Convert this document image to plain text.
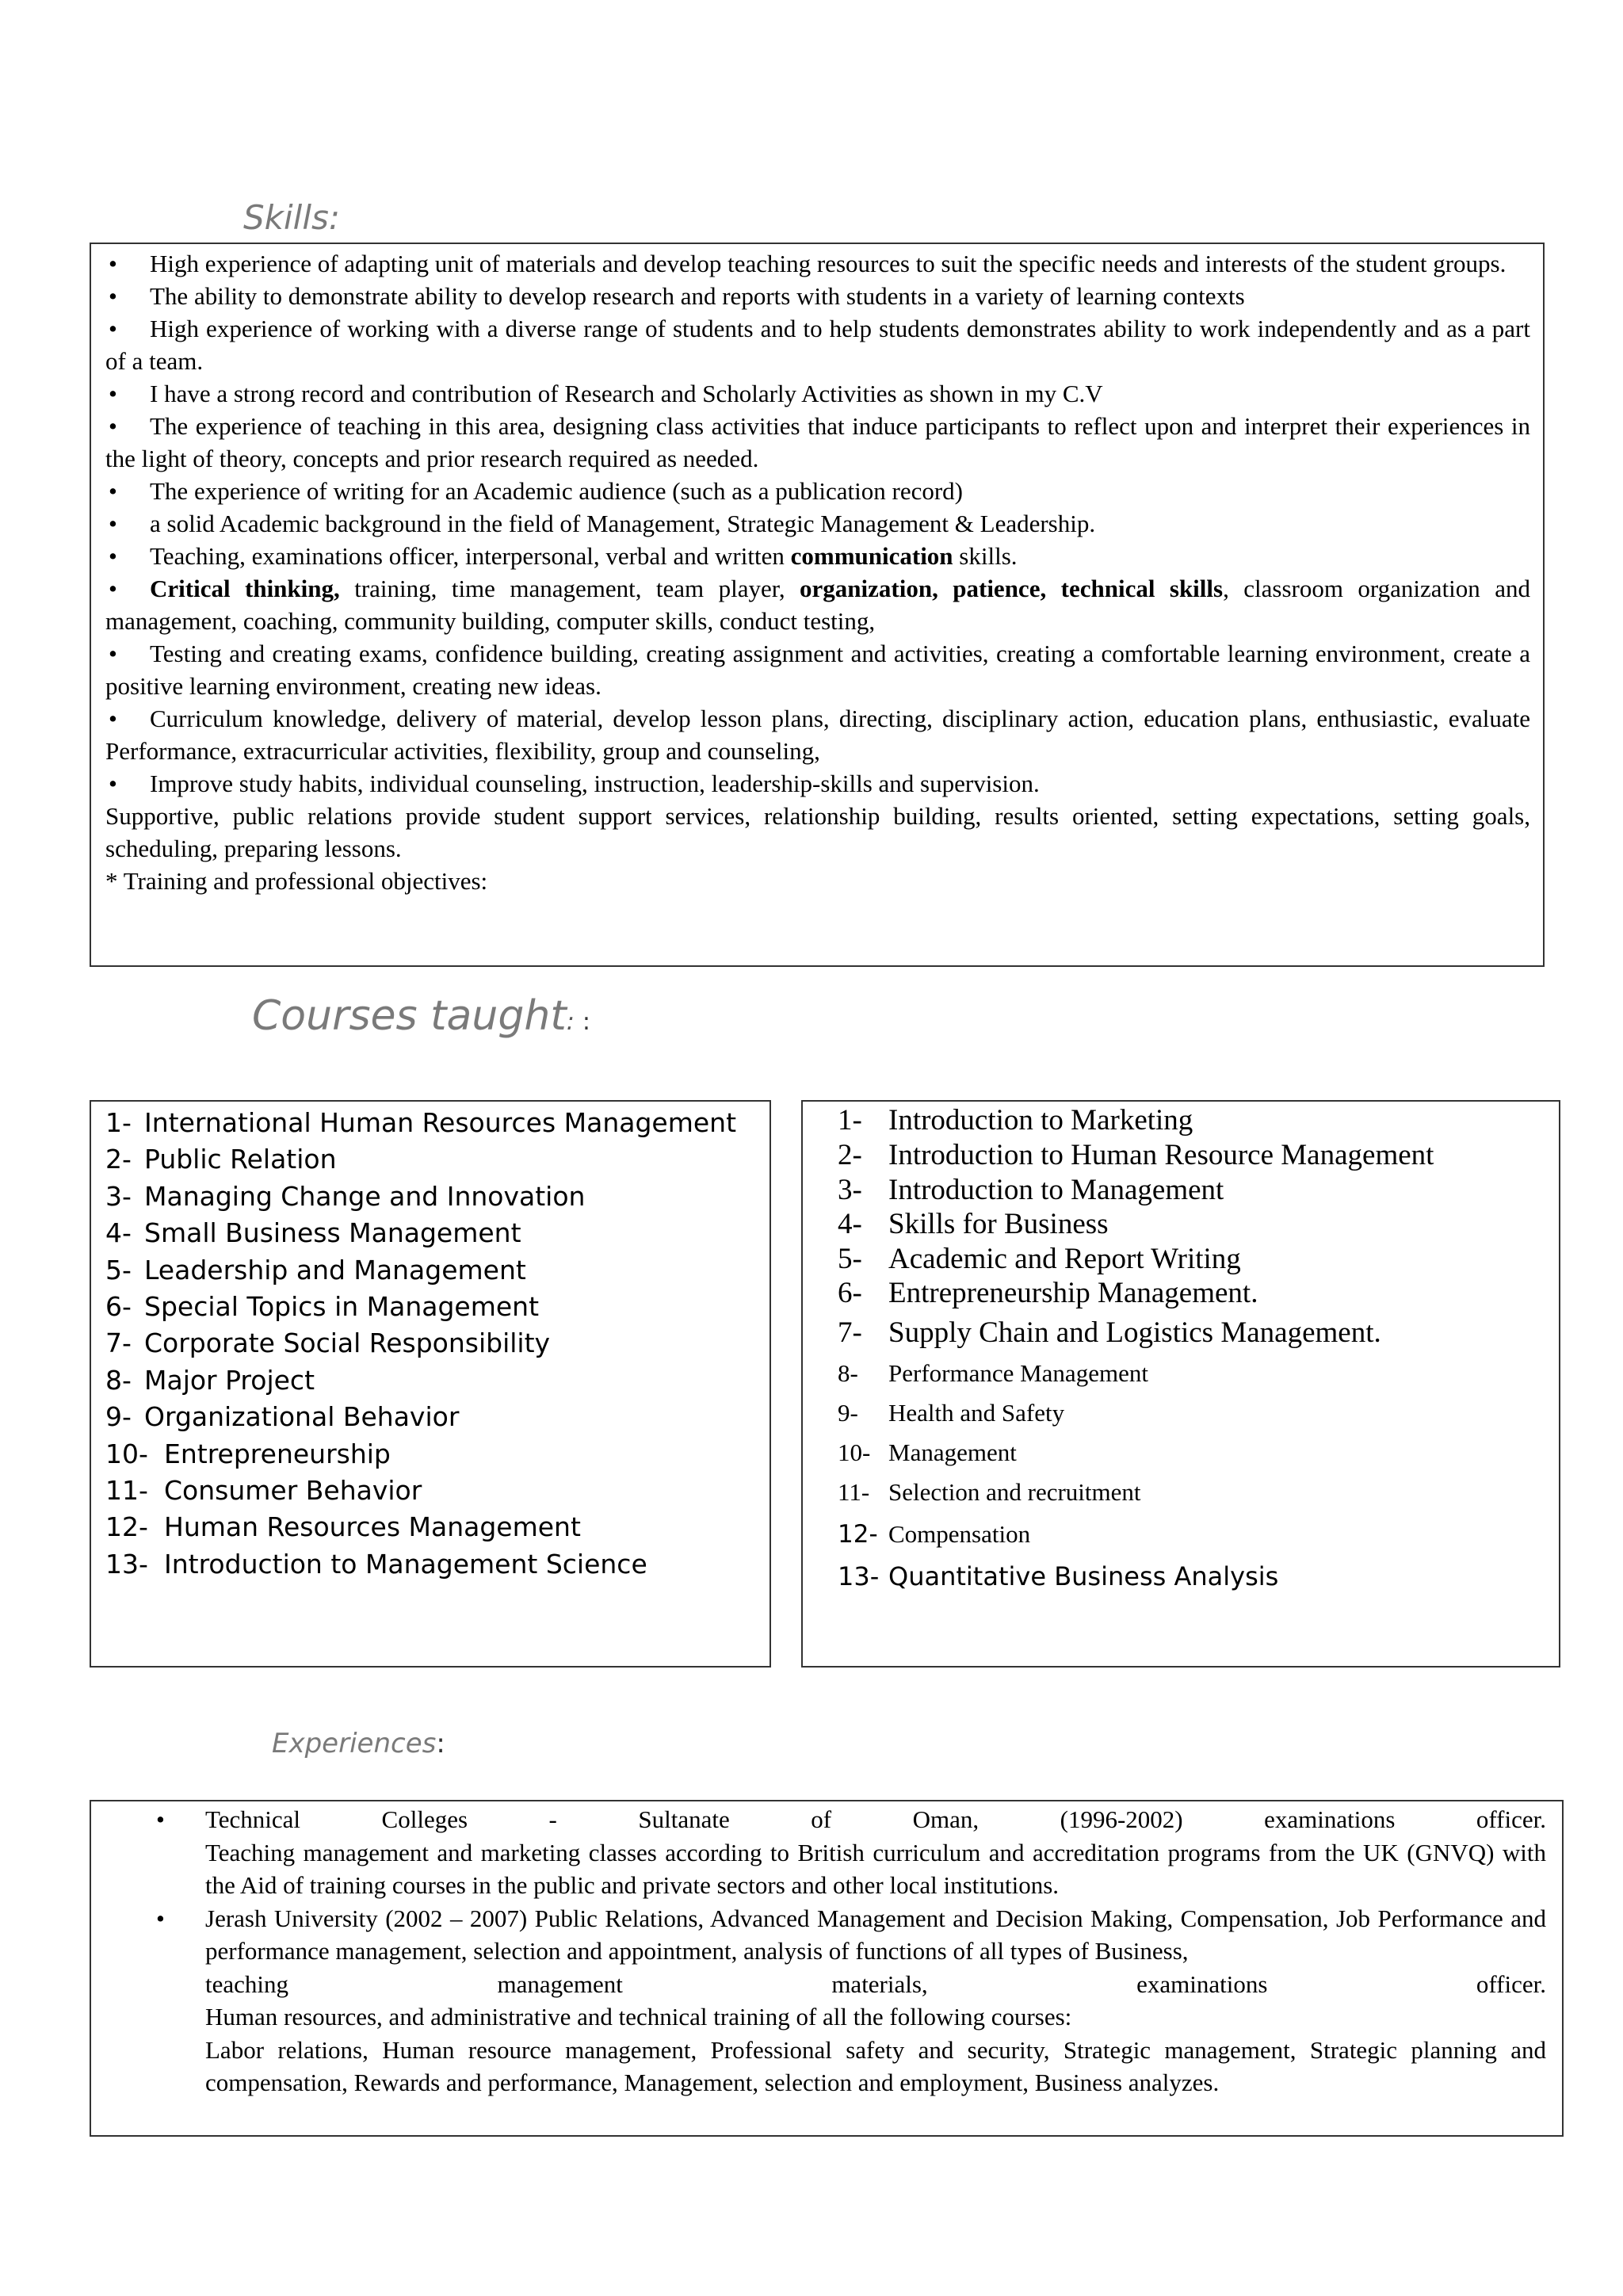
Skills:

• High experience of adapting unit of materials and develop teaching resources to suit the specific needs and interests of the student groups.

• The ability to demonstrate ability to develop research and reports with students in a variety of learning contexts

• High experience of working with a diverse range of students and to help students demonstrates ability to work independently and as a part of a team.

• I have a strong record and contribution of Research and Scholarly Activities as shown in my C.V

• The experience of teaching in this area, designing class activities that induce participants to reflect upon and interpret their experiences in the light of theory, concepts and prior research required as needed.

• The experience of writing for an Academic audience (such as a publication record)

• a solid Academic background in the field of Management, Strategic Management & Leadership.

• Teaching, examinations officer, interpersonal, verbal and written communication skills.

• Critical thinking, training, time management, team player, organization, patience, technical skills, classroom organization and management, coaching, community building, computer skills, conduct testing,

• Testing and creating exams, confidence building, creating assignment and activities, creating a comfortable learning environment, create a positive learning environment, creating new ideas.

• Curriculum knowledge, delivery of material, develop lesson plans, directing, disciplinary action, education plans, enthusiastic, evaluate Performance, extracurricular activities, flexibility, group and counseling,

• Improve study habits, individual counseling, instruction, leadership-skills and supervision.

Supportive, public relations provide student support services, relationship building, results oriented, setting expectations, setting goals, scheduling, preparing lessons.

* Training and professional objectives:

Courses taught: :
1- International Human Resources Management
2- Public Relation
3- Managing Change and Innovation
4- Small Business Management
5- Leadership and Management
6- Special Topics in Management
7- Corporate Social Responsibility
8- Major Project
9- Organizational Behavior
10- Entrepreneurship
11- Consumer Behavior
12- Human Resources Management
13- Introduction to Management Science
1- Introduction to Marketing
2- Introduction to Human Resource Management
3- Introduction to Management
4- Skills for Business
5- Academic and Report Writing
6- Entrepreneurship Management.
7- Supply Chain and Logistics Management.
8- Performance Management
9- Health and Safety
10- Management
11- Selection and recruitment
12- Compensation
13- Quantitative Business Analysis
Experiences:
• Technical Colleges - Sultanate of Oman, (1996-2002) examinations officer.

Teaching management and marketing classes according to British curriculum and accreditation programs from the UK (GNVQ) with the Aid of training courses in the public and private sectors and other local institutions.

• Jerash University (2002 – 2007) Public Relations, Advanced Management and Decision Making, Compensation, Job Performance and performance management, selection and appointment, analysis of functions of all types of Business,

teaching management materials, examinations officer.

Human resources, and administrative and technical training of all the following courses:

Labor relations, Human resource management, Professional safety and security, Strategic management, Strategic planning and compensation, Rewards and performance, Management, selection and employment, Business analyzes.
